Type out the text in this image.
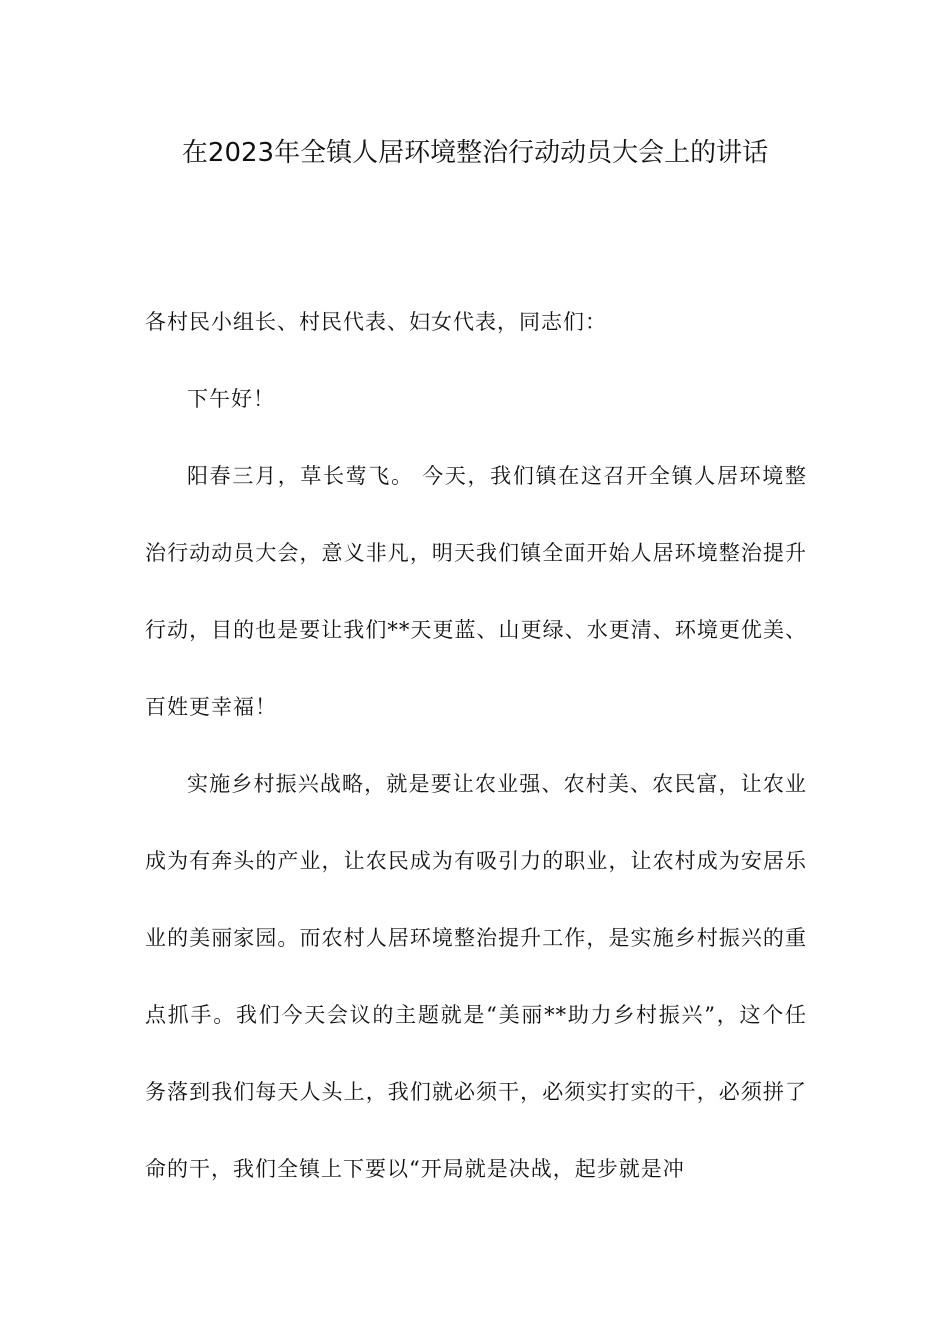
在2023年全镇人居环境整治行动动员大会上的讲话

各村民小组长、村民代表、妇女代表，同志们：

下午好！

阳春三月，草长莺飞。 今天，我们镇在这召开全镇人居环境整治行动动员大会，意义非凡，明天我们镇全面开始人居环境整治提升行动，目的也是要让我们**天更蓝、山更绿、水更清、环境更优美、百姓更幸福！

实施乡村振兴战略，就是要让农业强、农村美、农民富，让农业成为有奔头的产业，让农民成为有吸引力的职业，让农村成为安居乐业的美丽家园。而农村人居环境整治提升工作，是实施乡村振兴的重点抓手。我们今天会议的主题就是“美丽**助力乡村振兴”，这个任务落到我们每天人头上，我们就必须干，必须实打实的干，必须拼了命的干，我们全镇上下要以“开局就是决战，起步就是冲
